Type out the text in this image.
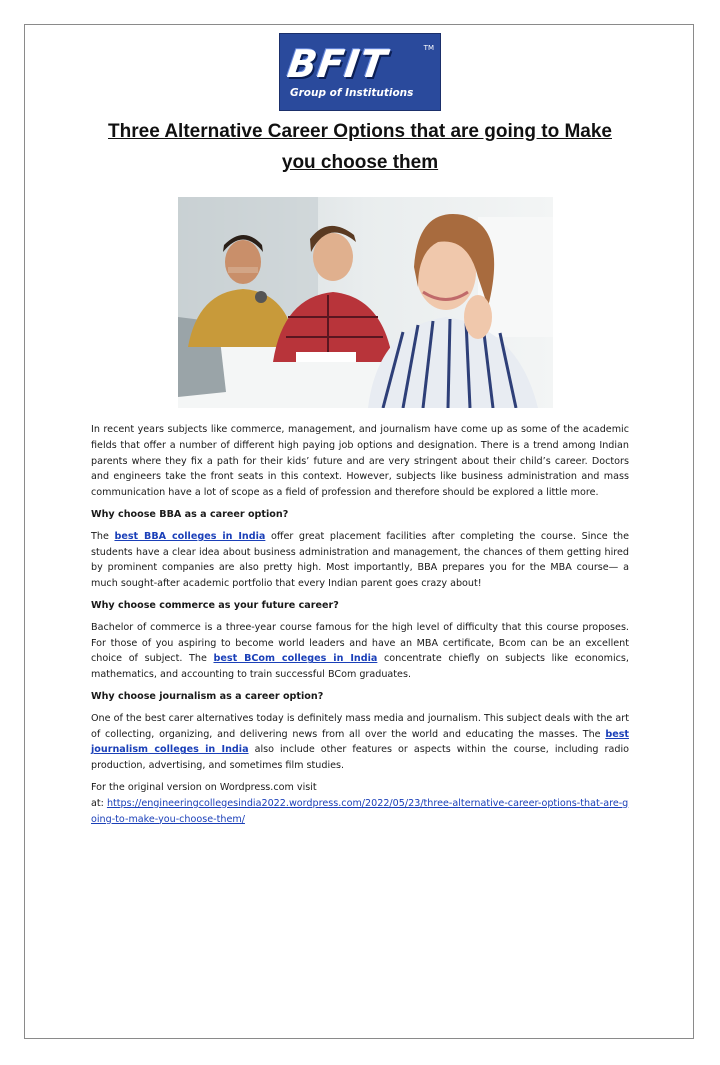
BFIT	TM
Group of Institutions
Three Alternative Career Options that are going to Make you choose them

In recent years subjects like commerce, management, and journalism have come up as some of the academic fields that offer a number of different high paying job options and designation. There is a trend among Indian parents where they fix a path for their kids’ future and are very stringent about their child’s career. Doctors and engineers take the front seats in this context. However, subjects like business administration and mass communication have a lot of scope as a field of profession and therefore should be explored a little more.

Why choose BBA as a career option?

The best BBA colleges in India offer great placement facilities after completing the course. Since the students have a clear idea about business administration and management, the chances of them getting hired by prominent companies are also pretty high. Most importantly, BBA prepares you for the MBA course— a much sought-after academic portfolio that every Indian parent goes crazy about!

Why choose commerce as your future career?

Bachelor of commerce is a three-year course famous for the high level of difficulty that this course proposes. For those of you aspiring to become world leaders and have an MBA certificate, Bcom can be an excellent choice of subject. The best BCom colleges in India concentrate chiefly on subjects like economics, mathematics, and accounting to train successful BCom graduates.

Why choose journalism as a career option?

One of the best carer alternatives today is definitely mass media and journalism. This subject deals with the art of collecting, organizing, and delivering news from all over the world and educating the masses. The best journalism colleges in India also include other features or aspects within the course, including radio production, advertising, and sometimes film studies.

For the original version on Wordpress.com visit
at: https://engineeringcollegesindia2022.wordpress.com/2022/05/23/three-alternative-career-options-that-are-going-to-make-you-choose-them/
